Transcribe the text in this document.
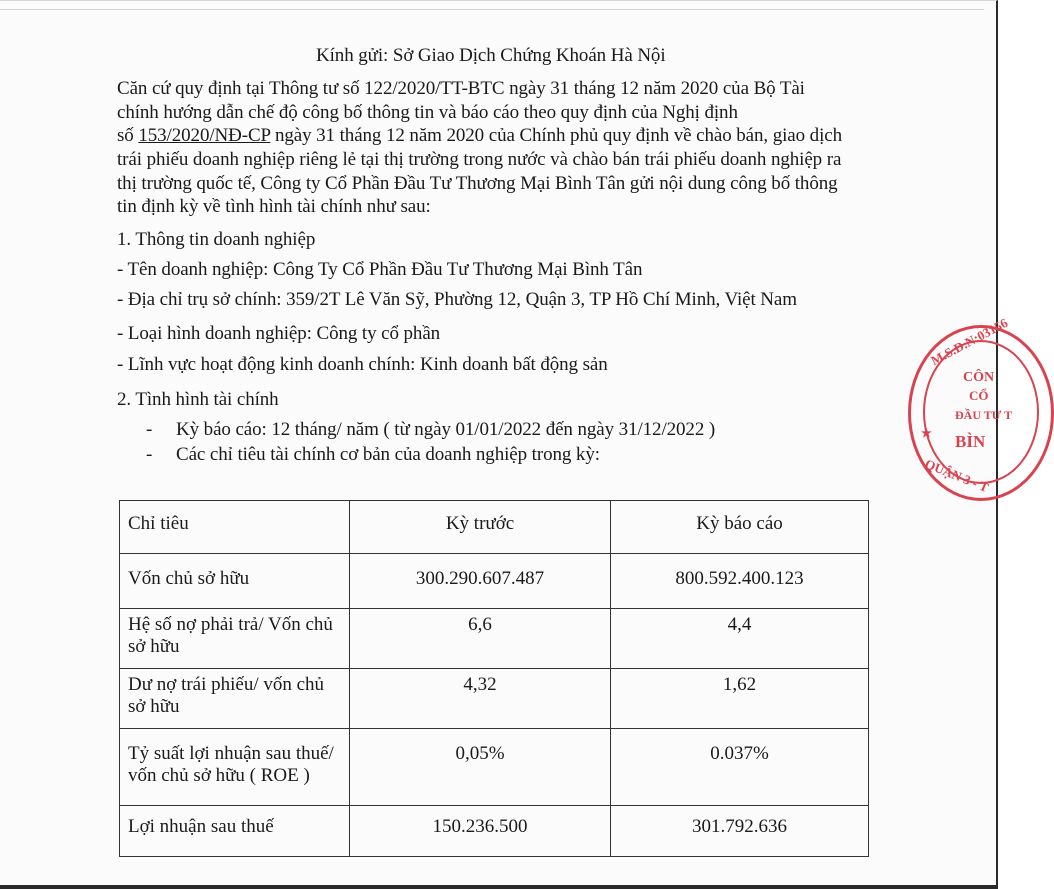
Kính gửi: Sở Giao Dịch Chứng Khoán Hà Nội
Căn cứ quy định tại Thông tư số 122/2020/TT-BTC ngày 31 tháng 12 năm 2020 của Bộ Tài
chính hướng dẫn chế độ công bố thông tin và báo cáo theo quy định của Nghị định
số 153/2020/NĐ-CP ngày 31 tháng 12 năm 2020 của Chính phủ quy định về chào bán, giao dịch
trái phiếu doanh nghiệp riêng lẻ tại thị trường trong nước và chào bán trái phiếu doanh nghiệp ra
thị trường quốc tế, Công ty Cổ Phần Đầu Tư Thương Mại Bình Tân gửi nội dung công bố thông
tin định kỳ về tình hình tài chính như sau:
1. Thông tin doanh nghiệp
- Tên doanh nghiệp: Công Ty Cổ Phần Đầu Tư Thương Mại Bình Tân
- Địa chỉ trụ sở chính: 359/2T Lê Văn Sỹ, Phường 12, Quận 3, TP Hồ Chí Minh, Việt Nam
- Loại hình doanh nghiệp: Công ty cổ phần
- Lĩnh vực hoạt động kinh doanh chính: Kinh doanh bất động sản
2. Tình hình tài chính
- Kỳ báo cáo: 12 tháng/ năm ( từ ngày 01/01/2022 đến ngày 31/12/2022 )
- Các chỉ tiêu tài chính cơ bản của doanh nghiệp trong kỳ:
Chỉ tiêu	Kỳ trước	Kỳ báo cáo
Vốn chủ sở hữu	300.290.607.487	800.592.400.123
Hệ số nợ phải trả/ Vốn chủ sở hữu	6,6	4,4
Dư nợ trái phiếu/ vốn chủ sở hữu	4,32	1,62
Tỷ suất lợi nhuận sau thuế/ vốn chủ sở hữu ( ROE )	0,05%	0.037%
Lợi nhuận sau thuế	150.236.500	301.792.636
M.S.D.N:03156
CÔN
CỔ
ĐẦU TƯ T
BÌN
★
QUẬN 3 - T
